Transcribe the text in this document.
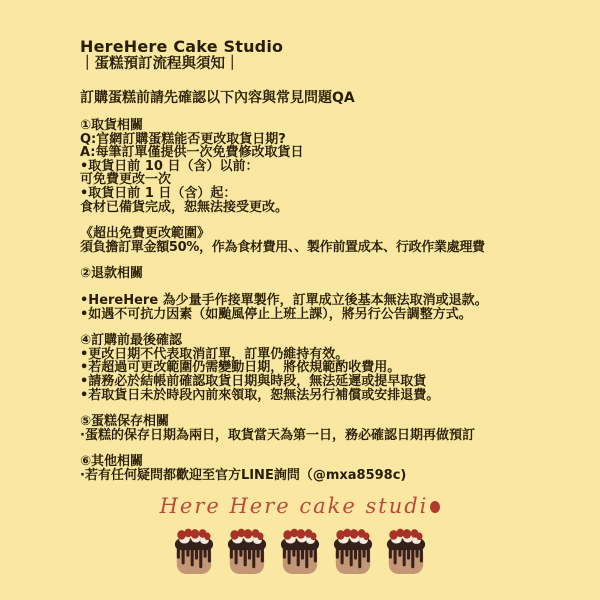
HereHere Cake Studio
｜蛋糕預訂流程與須知｜
訂購蛋糕前請先確認以下內容與常見問題QA
①取貨相關
Q:官網訂購蛋糕能否更改取貨日期?
A:每筆訂單僅提供一次免費修改取貨日
•取貨日前 10 日（含）以前：
可免費更改一次
•取貨日前 1 日（含）起：
食材已備貨完成，恕無法接受更改。
《超出免費更改範圍》
須負擔訂單金額50%，作為食材費用、、製作前置成本、行政作業處理費
②退款相關
•HereHere 為少量手作接單製作，訂單成立後基本無法取消或退款。
•如遇不可抗力因素（如颱風停止上班上課），將另行公告調整方式。
④訂購前最後確認
•更改日期不代表取消訂單，訂單仍維持有效。
•若超過可更改範圍仍需變動日期，將依規範酌收費用。
•請務必於結帳前確認取貨日期與時段，無法延遲或提早取貨
•若取貨日未於時段內前來領取，恕無法另行補償或安排退費。
⑤蛋糕保存相關
·蛋糕的保存日期為兩日，取貨當天為第一日，務必確認日期再做預訂
⑥其他相關
·若有任何疑問都歡迎至官方LINE詢問（@mxa8598c)
Here Here cake studi
